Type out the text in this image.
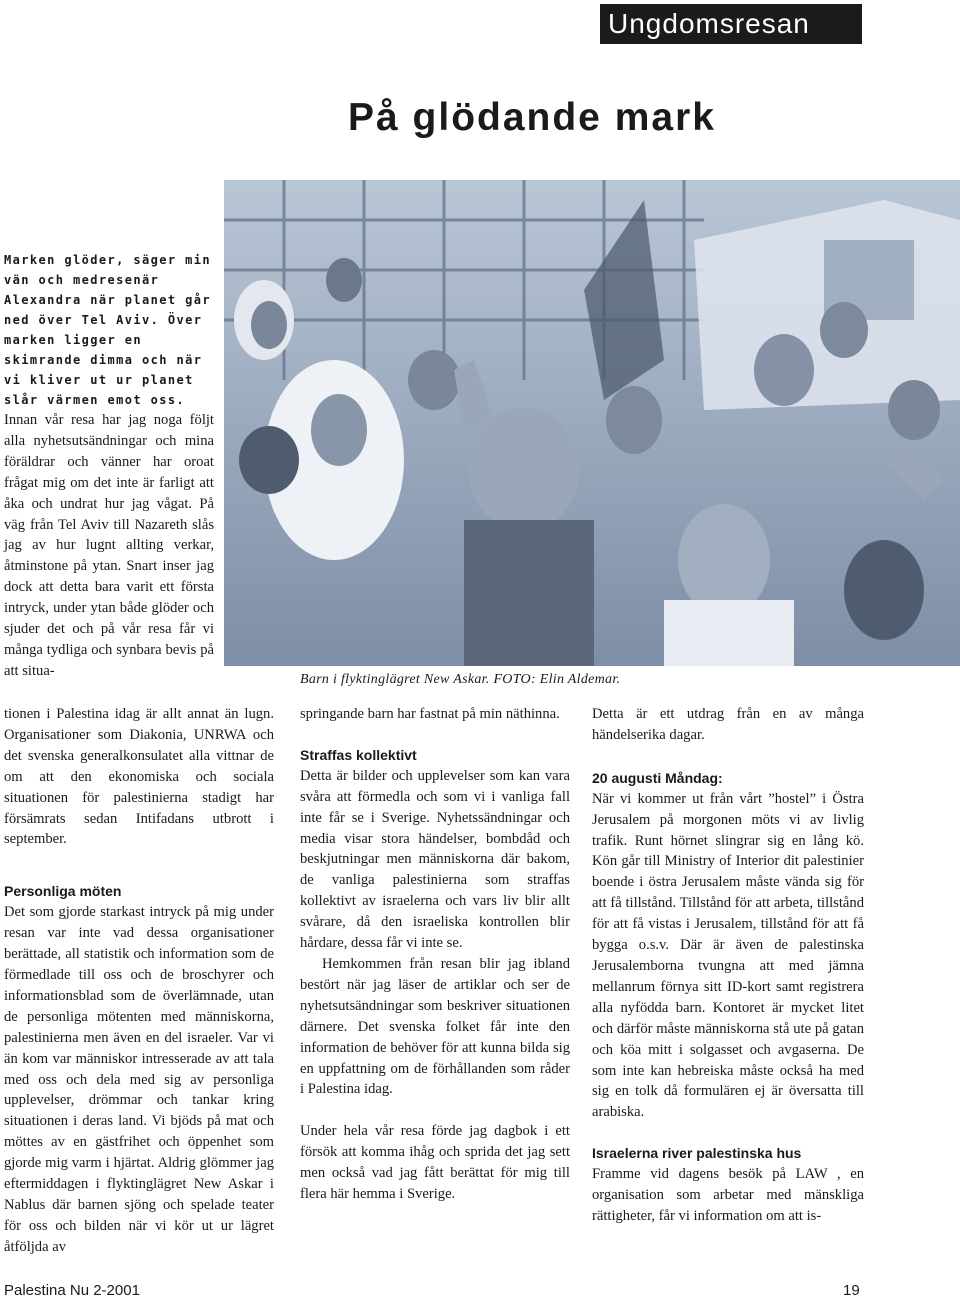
Ungdomsresan
På glödande mark
Barn i flyktinglägret New Askar. FOTO: Elin Aldemar.
Marken glöder, säger min vän och medresenär Alexandra när planet går ned över Tel Aviv. Över marken ligger en skimrande dimma och när vi kliver ut ur planet slår värmen emot oss.

Innan vår resa har jag noga följt alla nyhetsutsändningar och mina föräldrar och vänner har oroat frågat mig om det inte är farligt att åka och undrat hur jag vågat. På väg från Tel Aviv till Nazareth slås jag av hur lugnt allting verkar, åtminstone på ytan. Snart inser jag dock att detta bara varit ett första intryck, under ytan både glöder och sjuder det och på vår resa får vi många tydliga och synbara bevis på att situa-

tionen i Palestina idag är allt annat än lugn. Organisationer som Diakonia, UNRWA och det svenska generalkonsulatet alla vittnar de om att den ekonomiska och sociala situationen för palestinierna stadigt har försämrats sedan Intifadans utbrott i september.

Personliga möten

Det som gjorde starkast intryck på mig under resan var inte vad dessa organisationer berättade, all statistik och information som de förmedlade till oss och de broschyrer och informationsblad som de överlämnade, utan de personliga mötenten med människorna, palestinierna men även en del israeler. Var vi än kom var människor intresserade av att tala med oss och dela med sig av personliga upplevelser, drömmar och tankar kring situationen i deras land. Vi bjöds på mat och möttes av en gästfrihet och öppenhet som gjorde mig varm i hjärtat. Aldrig glömmer jag eftermiddagen i flyktinglägret New Askar i Nablus där barnen sjöng och spelade teater för oss och bilden när vi kör ut ur lägret åtföljda av

springande barn har fastnat på min näthinna.

Straffas kollektivt

Detta är bilder och upplevelser som kan vara svåra att förmedla och som vi i vanliga fall inte får se i Sverige. Nyhetssändningar och media visar stora händelser, bombdåd och beskjutningar men människorna där bakom, de vanliga palestinierna som straffas kollektivt av israelerna och vars liv blir allt svårare, då den israeliska kontrollen blir hårdare, dessa får vi inte se.

Hemkommen från resan blir jag ibland bestört när jag läser de artiklar och ser de nyhetsutsändningar som beskriver situationen därnere. Det svenska folket får inte den information de behöver för att kunna bilda sig en uppfattning om de förhållanden som råder i Palestina idag.

Under hela vår resa förde jag dagbok i ett försök att komma ihåg och sprida det jag sett men också vad jag fått berättat för mig till flera här hemma i Sverige.

Detta är ett utdrag från en av många händelserika dagar.

20 augusti Måndag:

När vi kommer ut från vårt ”hostel” i Östra Jerusalem på morgonen möts vi av livlig trafik. Runt hörnet slingrar sig en lång kö. Kön går till Ministry of Interior dit palestinier boende i östra Jerusalem måste vända sig för att få tillstånd. Tillstånd för att arbeta, tillstånd för att få vistas i Jerusalem, tillstånd för att få bygga o.s.v. Där är även de palestinska Jerusalemborna tvungna att med jämna mellanrum förnya sitt ID-kort samt registrera alla nyfödda barn. Kontoret är mycket litet och därför måste människorna stå ute på gatan och köa mitt i solgasset och avgaserna. De som inte kan hebreiska måste också ha med sig en tolk då formulären ej är översatta till arabiska.

Israelerna river palestinska hus

Framme vid dagens besök på LAW , en organisation som arbetar med mänskliga rättigheter, får vi information om att is-

Palestina Nu 2-2001	19
